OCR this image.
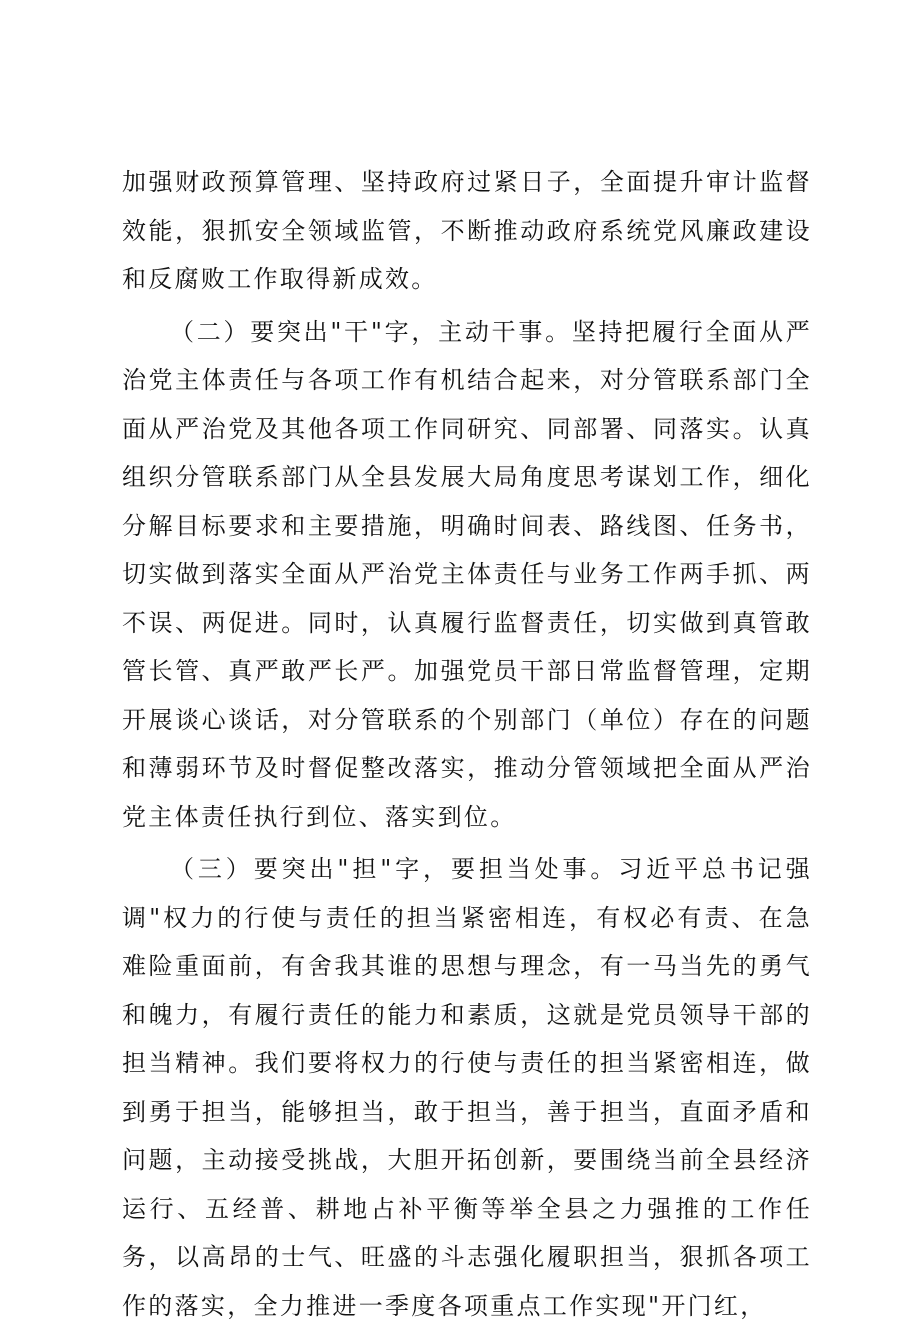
加强财政预算管理、坚持政府过紧日子，全面提升审计监督效能，狠抓安全领域监管，不断推动政府系统党风廉政建设和反腐败工作取得新成效。

（二）要突出"干"字，主动干事。坚持把履行全面从严治党主体责任与各项工作有机结合起来，对分管联系部门全面从严治党及其他各项工作同研究、同部署、同落实。认真组织分管联系部门从全县发展大局角度思考谋划工作，细化分解目标要求和主要措施，明确时间表、路线图、任务书，切实做到落实全面从严治党主体责任与业务工作两手抓、两不误、两促进。同时，认真履行监督责任，切实做到真管敢管长管、真严敢严长严。加强党员干部日常监督管理，定期开展谈心谈话，对分管联系的个别部门（单位）存在的问题和薄弱环节及时督促整改落实，推动分管领域把全面从严治党主体责任执行到位、落实到位。

（三）要突出"担"字，要担当处事。习近平总书记强调"权力的行使与责任的担当紧密相连，有权必有责、在急难险重面前，有舍我其谁的思想与理念，有一马当先的勇气和魄力，有履行责任的能力和素质，这就是党员领导干部的担当精神。我们要将权力的行使与责任的担当紧密相连，做到勇于担当，能够担当，敢于担当，善于担当，直面矛盾和问题，主动接受挑战，大胆开拓创新，要围绕当前全县经济运行、五经普、耕地占补平衡等举全县之力强推的工作任务，以高昂的士气、旺盛的斗志强化履职担当，狠抓各项工作的落实，全力推进一季度各项重点工作实现"开门红，
